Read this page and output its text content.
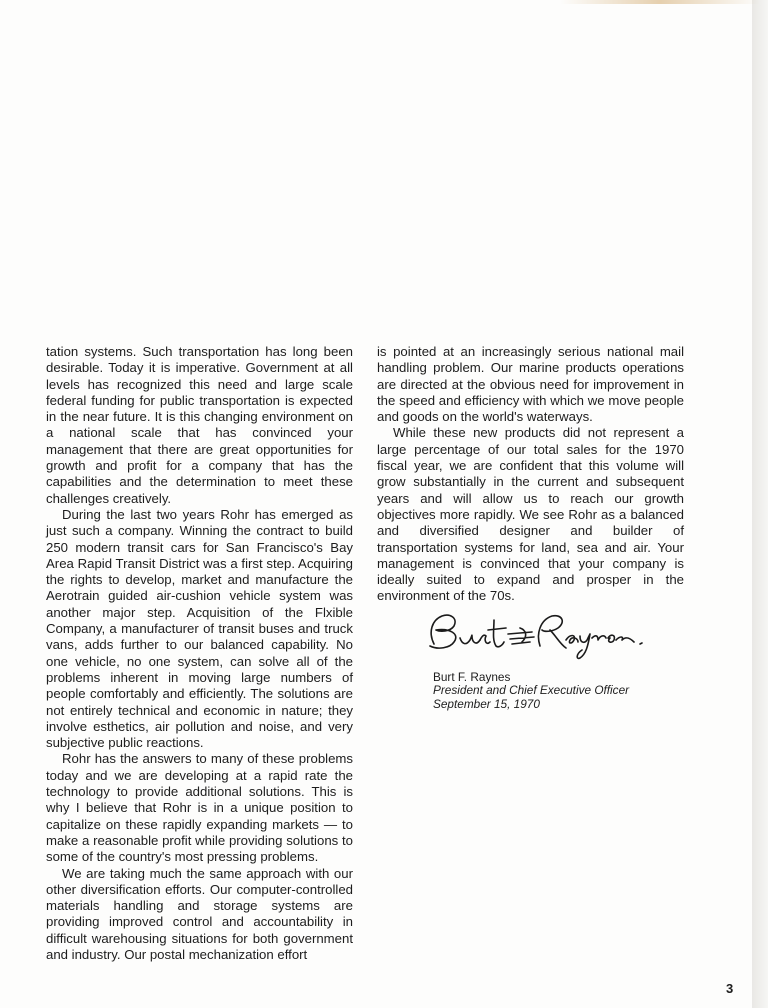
tation systems. Such transportation has long been desirable. Today it is imperative. Government at all levels has recognized this need and large scale federal funding for public transportation is expected in the near future. It is this changing environment on a national scale that has convinced your management that there are great opportunities for growth and profit for a company that has the capabilities and the determination to meet these challenges creatively.

During the last two years Rohr has emerged as just such a company. Winning the contract to build 250 modern transit cars for San Francisco's Bay Area Rapid Transit District was a first step. Acquiring the rights to develop, market and manufacture the Aerotrain guided air-cushion vehicle system was another major step. Acquisition of the Flxible Company, a manufacturer of transit buses and truck vans, adds further to our balanced capability. No one vehicle, no one system, can solve all of the problems inherent in moving large numbers of people comfortably and efficiently. The solutions are not entirely technical and economic in nature; they involve esthetics, air pollution and noise, and very subjective public reactions.

Rohr has the answers to many of these problems today and we are developing at a rapid rate the technology to provide additional solutions. This is why I believe that Rohr is in a unique position to capitalize on these rapidly expanding markets — to make a reasonable profit while providing solutions to some of the country's most pressing problems.

We are taking much the same approach with our other diversification efforts. Our computer-controlled materials handling and storage systems are providing improved control and accountability in difficult warehousing situations for both government and industry. Our postal mechanization effort

is pointed at an increasingly serious national mail handling problem. Our marine products operations are directed at the obvious need for improvement in the speed and efficiency with which we move people and goods on the world's waterways.

While these new products did not represent a large percentage of our total sales for the 1970 fiscal year, we are confident that this volume will grow substantially in the current and subsequent years and will allow us to reach our growth objectives more rapidly. We see Rohr as a balanced and diversified designer and builder of transportation systems for land, sea and air. Your management is convinced that your company is ideally suited to expand and prosper in the environment of the 70s.

Burt F. Raynes
President and Chief Executive Officer
September 15, 1970
3
